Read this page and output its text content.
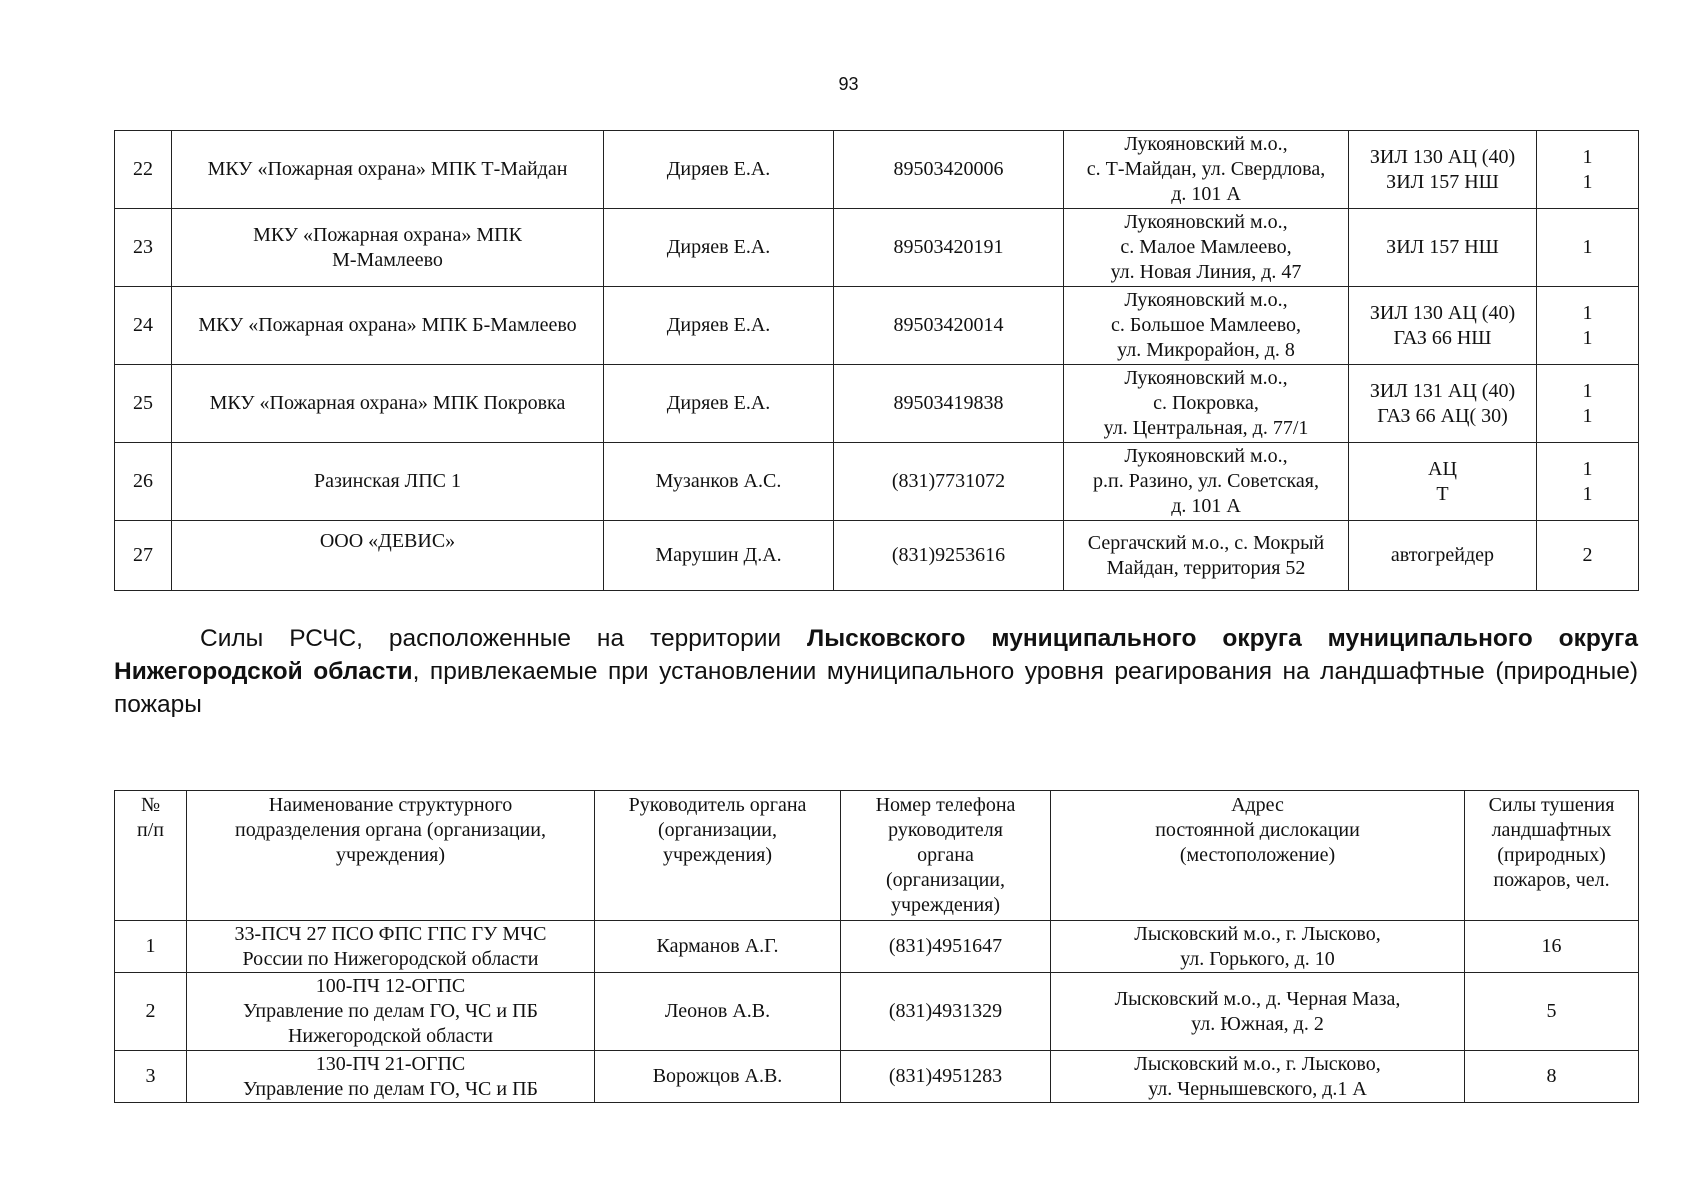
93
22	МКУ «Пожарная охрана» МПК Т-Майдан	Диряев Е.А.	89503420006	Лукояновский м.о.,
с. Т-Майдан, ул. Свердлова,
д. 101 А	ЗИЛ 130 АЦ (40)
ЗИЛ 157 НШ	1
1
23	МКУ «Пожарная охрана» МПК
М-Мамлеево	Диряев Е.А.	89503420191	Лукояновский м.о.,
с. Малое Мамлеево,
ул. Новая Линия, д. 47	ЗИЛ 157 НШ	1
24	МКУ «Пожарная охрана» МПК Б-Мамлеево	Диряев Е.А.	89503420014	Лукояновский м.о.,
с. Большое Мамлеево,
ул. Микрорайон, д. 8	ЗИЛ 130 АЦ (40)
ГАЗ 66 НШ	1
1
25	МКУ «Пожарная охрана» МПК Покровка	Диряев Е.А.	89503419838	Лукояновский м.о.,
с. Покровка,
ул. Центральная, д. 77/1	ЗИЛ 131 АЦ (40)
ГАЗ 66 АЦ( 30)	1
1
26	Разинская ЛПС 1	Музанков А.С.	(831)7731072	Лукояновский м.о.,
р.п. Разино, ул. Советская,
д. 101 А	АЦ
Т	1
1
27	ООО «ДЕВИС»	Марушин Д.А.	(831)9253616	Сергачский м.о., с. Мокрый
Майдан, территория 52	автогрейдер	2
Силы РСЧС, расположенные на территории Лысковского муниципального округа муниципального округа Нижегородской области, привлекаемые при установлении муниципального уровня реагирования на ландшафтные (природные) пожары
№
п/п	Наименование структурного
подразделения органа (организации,
учреждения)	Руководитель органа
(организации,
учреждения)	Номер телефона
руководителя
органа
(организации,
учреждения)	Адрес
постоянной дислокации
(местоположение)	Силы тушения
ландшафтных
(природных)
пожаров, чел.
1	33-ПСЧ 27 ПСО ФПС ГПС ГУ МЧС
России по Нижегородской области	Карманов А.Г.	(831)4951647	Лысковский м.о., г. Лысково,
ул. Горького, д. 10	16
2	100-ПЧ 12-ОГПС
Управление по делам ГО, ЧС и ПБ
Нижегородской области	Леонов А.В.	(831)4931329	Лысковский м.о., д. Черная Маза,
ул. Южная, д. 2	5
3	130-ПЧ 21-ОГПС
Управление по делам ГО, ЧС и ПБ	Ворожцов А.В.	(831)4951283	Лысковский м.о., г. Лысково,
ул. Чернышевского, д.1 А	8
